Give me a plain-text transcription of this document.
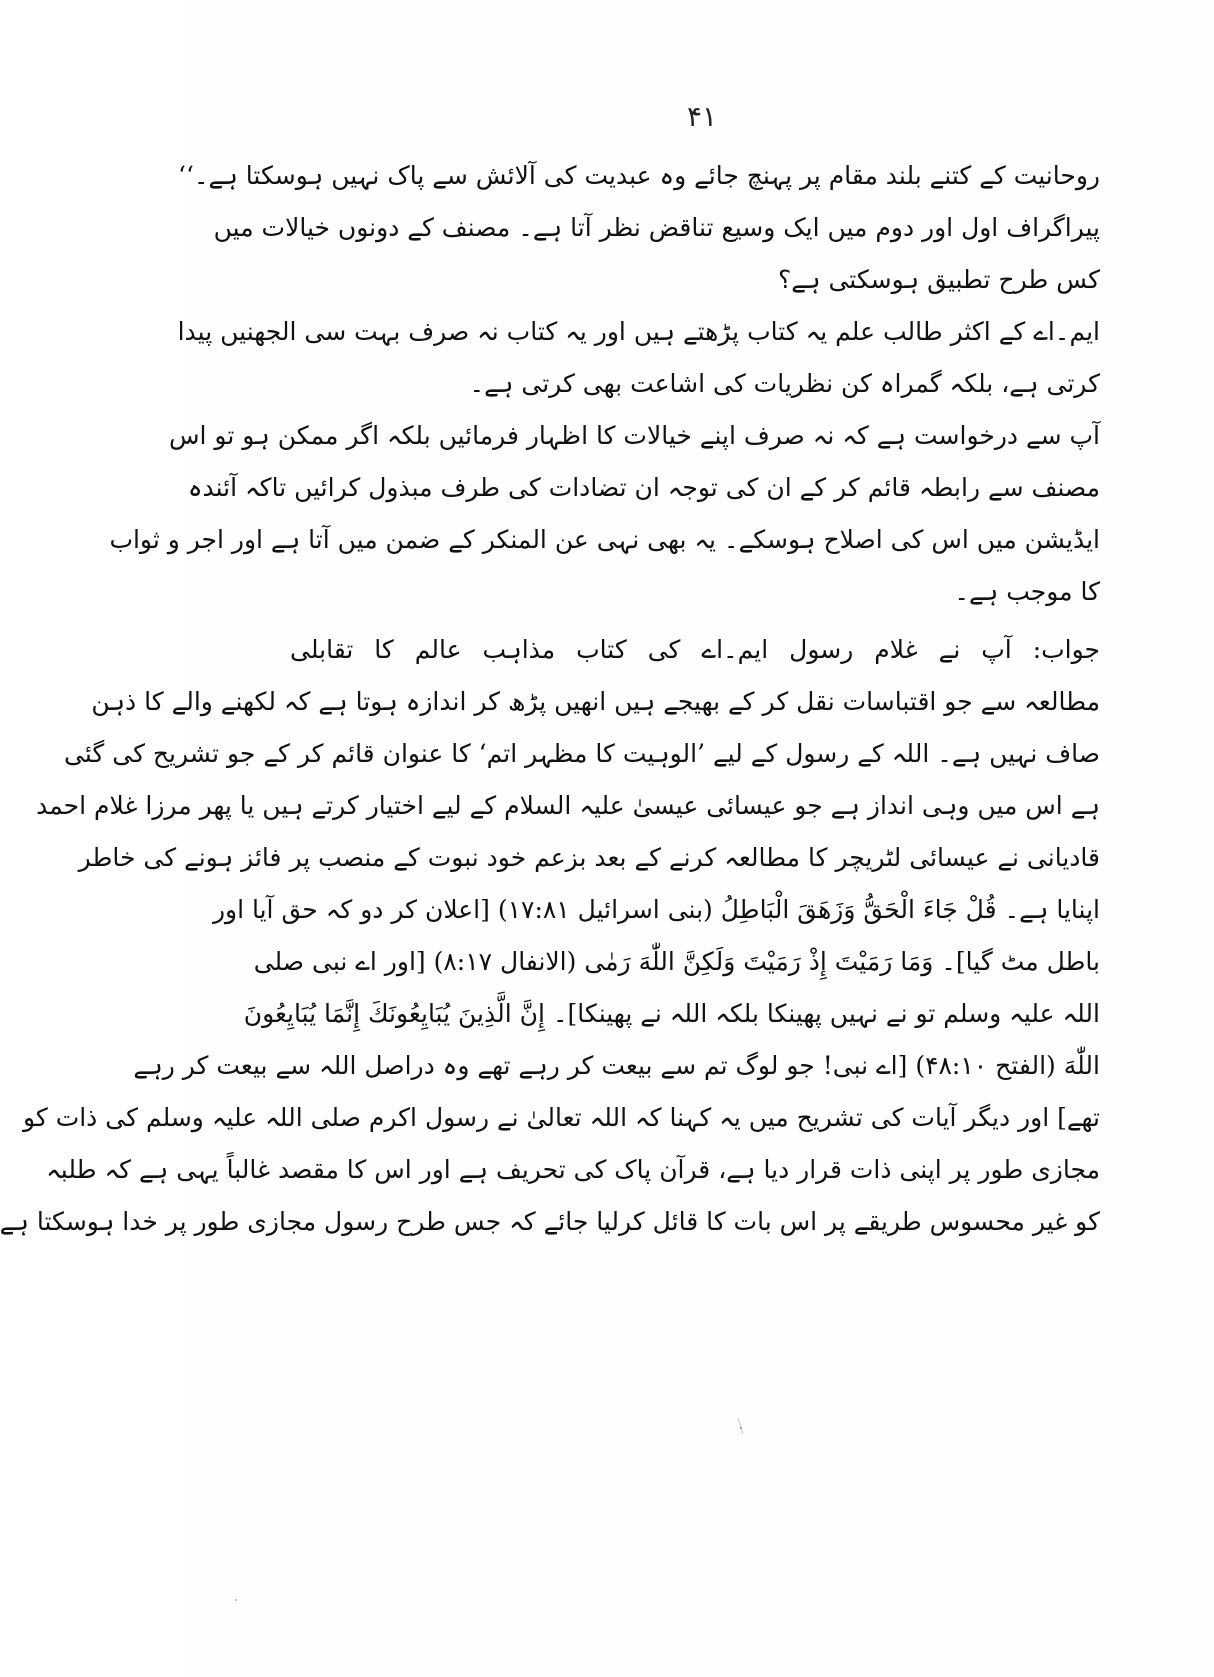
۴۱
روحانیت کے کتنے بلند مقام پر پہنچ جائے وہ عبدیت کی آلائش سے پاک نہیں ہوسکتا ہے۔‘‘
پیراگراف اول اور دوم میں ایک وسیع تناقض نظر آتا ہے۔ مصنف کے دونوں خیالات میں
کس طرح تطبیق ہوسکتی ہے؟
ایم۔اے کے اکثر طالب علم یہ کتاب پڑھتے ہیں اور یہ کتاب نہ صرف بہت سی الجھنیں پیدا
کرتی ہے، بلکہ گمراہ کن نظریات کی اشاعت بھی کرتی ہے۔
آپ سے درخواست ہے کہ نہ صرف اپنے خیالات کا اظہار فرمائیں بلکہ اگر ممکن ہو تو اس
مصنف سے رابطہ قائم کر کے ان کی توجہ ان تضادات کی طرف مبذول کرائیں تاکہ آئندہ
ایڈیشن میں اس کی اصلاح ہوسکے۔ یہ بھی نہی عن المنکر کے ضمن میں آتا ہے اور اجر و ثواب
کا موجب ہے۔
جواب: آپ نے غلام رسول ایم۔اے کی کتاب مذاہب عالم کا تقابلی
مطالعہ سے جو اقتباسات نقل کر کے بھیجے ہیں انھیں پڑھ کر اندازہ ہوتا ہے کہ لکھنے والے کا ذہن
صاف نہیں ہے۔ اللہ کے رسول کے لیے ’الوہیت کا مظہر اتم‘ کا عنوان قائم کر کے جو تشریح کی گئی
ہے اس میں وہی انداز ہے جو عیسائی عیسیٰ علیہ السلام کے لیے اختیار کرتے ہیں یا پھر مرزا غلام احمد
قادیانی نے عیسائی لٹریچر کا مطالعہ کرنے کے بعد بزعم خود نبوت کے منصب پر فائز ہونے کی خاطر
اپنایا ہے۔ قُلْ جَاءَ الْحَقُّ وَزَهَقَ الْبَاطِلُ (بنی اسرائیل ۱۷:۸۱) [اعلان کر دو کہ حق آیا اور
باطل مٹ گیا]۔ وَمَا رَمَيْتَ إِذْ رَمَيْتَ وَلَكِنَّ اللّٰهَ رَمٰى (الانفال ۸:۱۷) [اور اے نبی صلی
اللہ علیہ وسلم تو نے نہیں پھینکا بلکہ اللہ نے پھینکا]۔ إِنَّ الَّذِينَ يُبَايِعُونَكَ إِنَّمَا يُبَايِعُونَ
اللّٰهَ (الفتح ۴۸:۱۰) [اے نبی! جو لوگ تم سے بیعت کر رہے تھے وہ دراصل اللہ سے بیعت کر رہے
تھے] اور دیگر آیات کی تشریح میں یہ کہنا کہ اللہ تعالیٰ نے رسول اکرم صلی اللہ علیہ وسلم کی ذات کو
مجازی طور پر اپنی ذات قرار دیا ہے، قرآن پاک کی تحریف ہے اور اس کا مقصد غالباً یہی ہے کہ طلبہ
کو غیر محسوس طریقے پر اس بات کا قائل کرلیا جائے کہ جس طرح رسول مجازی طور پر خدا ہوسکتا ہے
